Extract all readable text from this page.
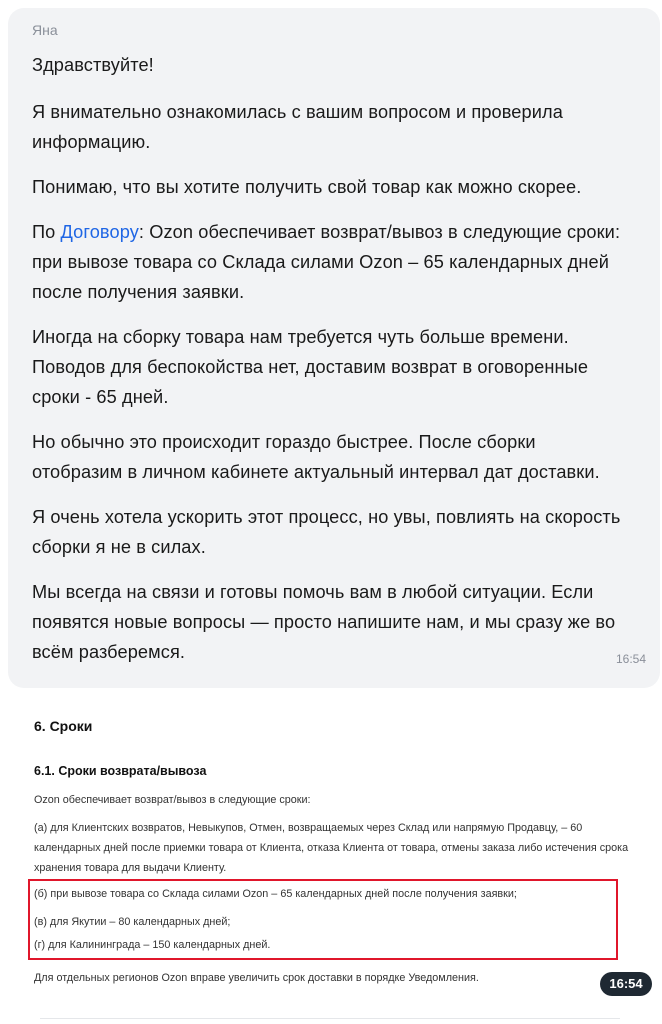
Яна

Здравствуйте!

Я внимательно ознакомилась с вашим вопросом и проверила информацию.

Понимаю, что вы хотите получить свой товар как можно скорее.

По Договору: Ozon обеспечивает возврат/вывоз в следующие сроки: при вывозе товара со Склада силами Ozon – 65 календарных дней после получения заявки.

Иногда на сборку товара нам требуется чуть больше времени. Поводов для беспокойства нет, доставим возврат в оговоренные сроки - 65 дней.

Но обычно это происходит гораздо быстрее. После сборки отобразим в личном кабинете актуальный интервал дат доставки.

Я очень хотела ускорить этот процесс, но увы, повлиять на скорость сборки я не в силах.

Мы всегда на связи и готовы помочь вам в любой ситуации. Если появятся новые вопросы — просто напишите нам, и мы сразу же во всём разберемся.	16:54
6. Сроки
6.1. Сроки возврата/вывоза
Ozon обеспечивает возврат/вывоз в следующие сроки:
(а) для Клиентских возвратов, Невыкупов, Отмен, возвращаемых через Склад или напрямую Продавцу, – 60 календарных дней после приемки товара от Клиента, отказа Клиента от товара, отмены заказа либо истечения срока хранения товара для выдачи Клиенту.
(б) при вывозе товара со Склада силами Ozon – 65 календарных дней после получения заявки;
(в) для Якутии – 80 календарных дней;
(г) для Калининграда – 150 календарных дней.
Для отдельных регионов Ozon вправе увеличить срок доставки в порядке Уведомления.	16:54
